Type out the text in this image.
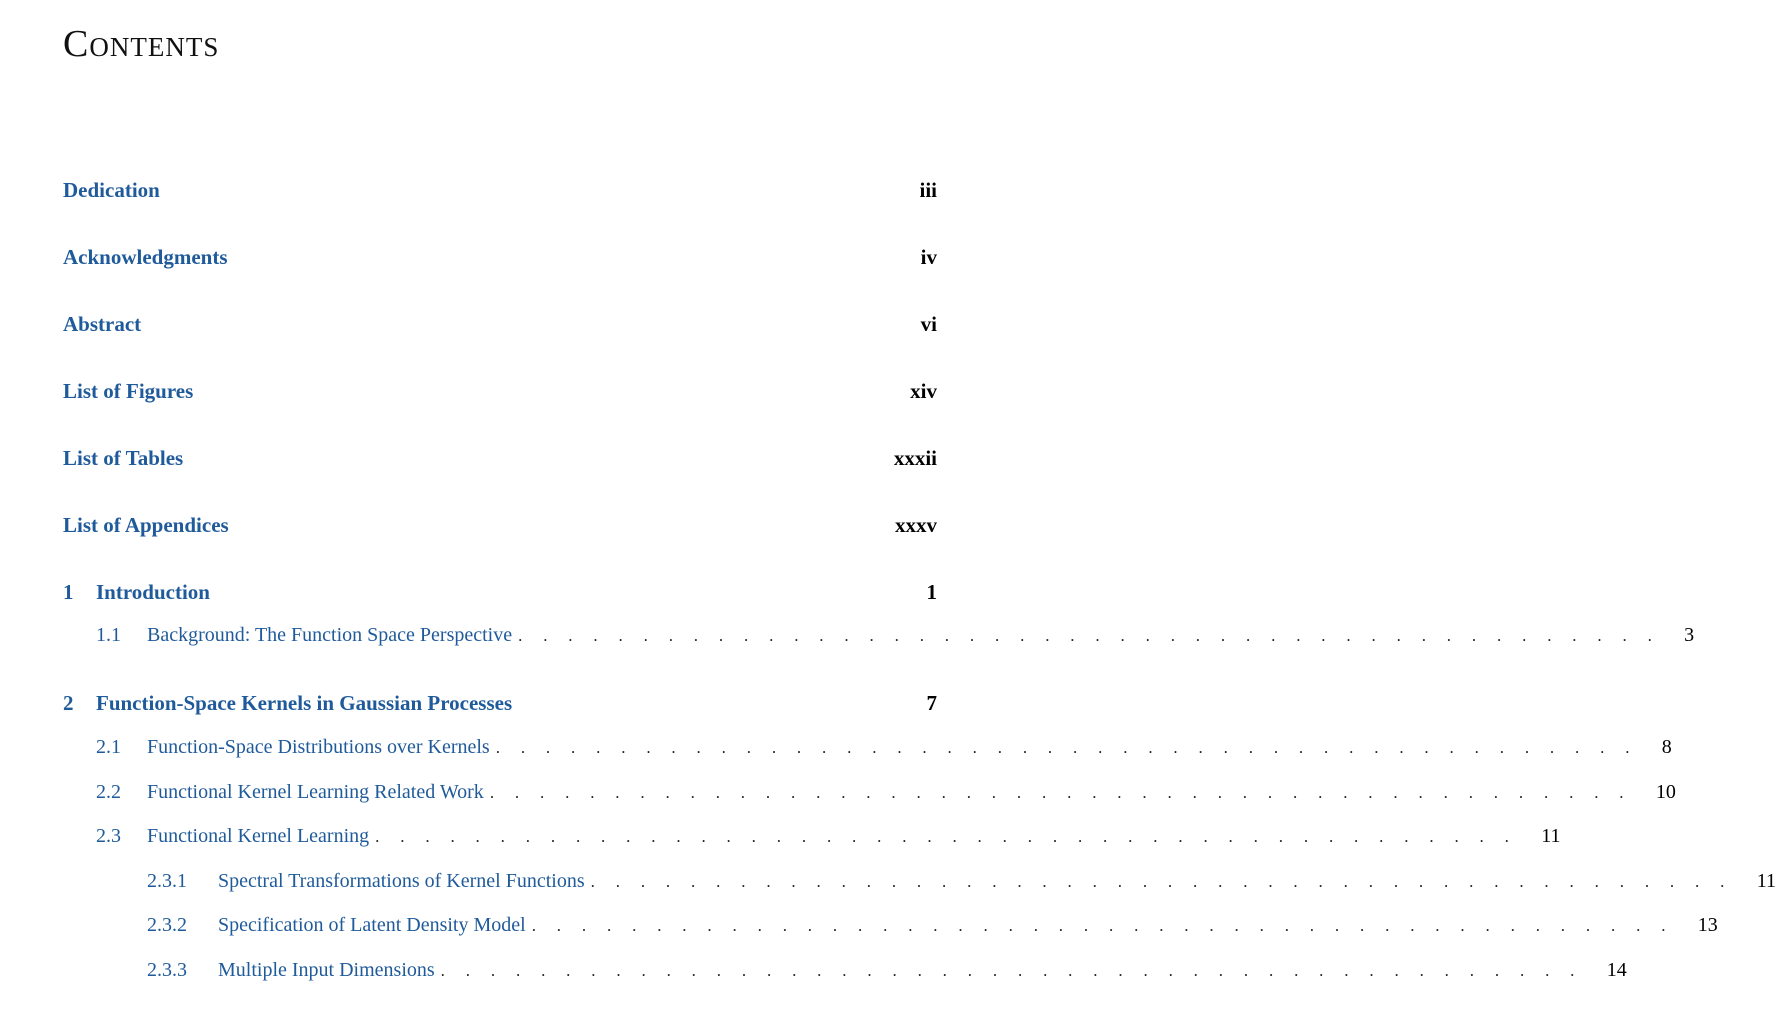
Contents
Dedication	iii
Acknowledgments	iv
Abstract	vi
List of Figures	xiv
List of Tables	xxxii
List of Appendices	xxxv
1	Introduction	1
1.1	Background: The Function Space Perspective . . . . . . . . . . . . . . . . . . . . . . . . . . . . . . . . . . . . . . . . . . . . . . 3
2	Function-Space Kernels in Gaussian Processes	7
2.1	Function-Space Distributions over Kernels . . . . . . . . . . . . . . . . . . . . . . . . . . . . . . . . . . . . . . . . . . . . . . 8
2.2	Functional Kernel Learning Related Work . . . . . . . . . . . . . . . . . . . . . . . . . . . . . . . . . . . . . . . . . . . . . . 10
2.3	Functional Kernel Learning . . . . . . . . . . . . . . . . . . . . . . . . . . . . . . . . . . . . . . . . . . . . . . 11
2.3.1	Spectral Transformations of Kernel Functions . . . . . . . . . . . . . . . . . . . . . . . . . . . . . . . . . . . . . . . . . . . . . . 11
2.3.2	Specification of Latent Density Model . . . . . . . . . . . . . . . . . . . . . . . . . . . . . . . . . . . . . . . . . . . . . . 13
2.3.3	Multiple Input Dimensions . . . . . . . . . . . . . . . . . . . . . . . . . . . . . . . . . . . . . . . . . . . . . . 14
